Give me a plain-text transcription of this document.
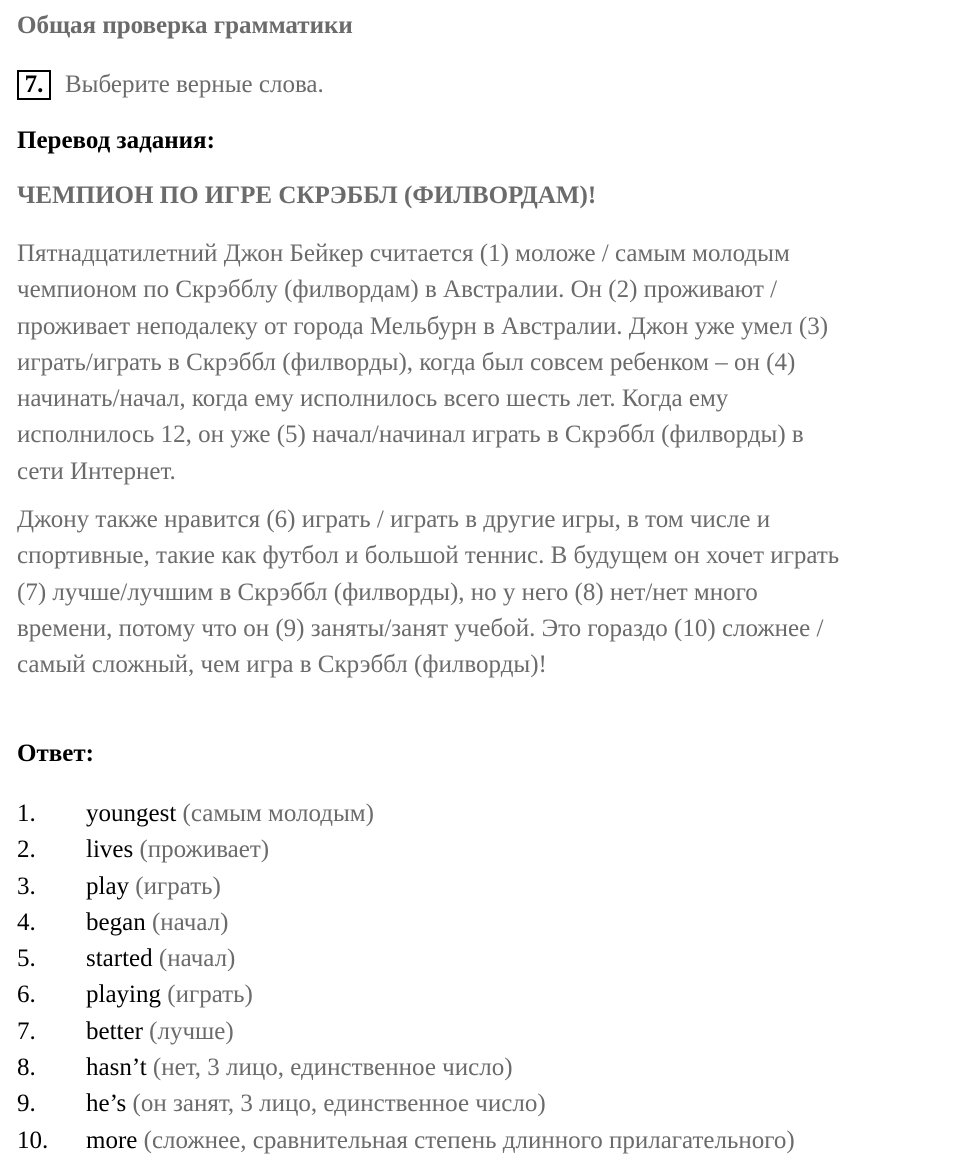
Общая проверка грамматики
7. Выберите верные слова.
Перевод задания:
ЧЕМПИОН ПО ИГРЕ СКРЭББЛ (ФИЛВОРДАМ)!
Пятнадцатилетний Джон Бейкер считается (1) моложе / самым молодым
чемпионом по Скрэбблу (филвордам) в Австралии. Он (2) проживают /
проживает неподалеку от города Мельбурн в Австралии. Джон уже умел (3)
играть/играть в Скрэббл (филворды), когда был совсем ребенком – он (4)
начинать/начал, когда ему исполнилось всего шесть лет. Когда ему
исполнилось 12, он уже (5) начал/начинал играть в Скрэббл (филворды) в
сети Интернет.
Джону также нравится (6) играть / играть в другие игры, в том числе и
спортивные, такие как футбол и большой теннис. В будущем он хочет играть
(7) лучше/лучшим в Скрэббл (филворды), но у него (8) нет/нет много
времени, потому что он (9) заняты/занят учебой. Это гораздо (10) сложнее /
самый сложный, чем игра в Скрэббл (филворды)!
Ответ:
1. youngest (самым молодым)
2. lives (проживает)
3. play (играть)
4. began (начал)
5. started (начал)
6. playing (играть)
7. better (лучше)
8. hasn’t (нет, 3 лицо, единственное число)
9. he’s (он занят, 3 лицо, единственное число)
10. more (сложнее, сравнительная степень длинного прилагательного)
